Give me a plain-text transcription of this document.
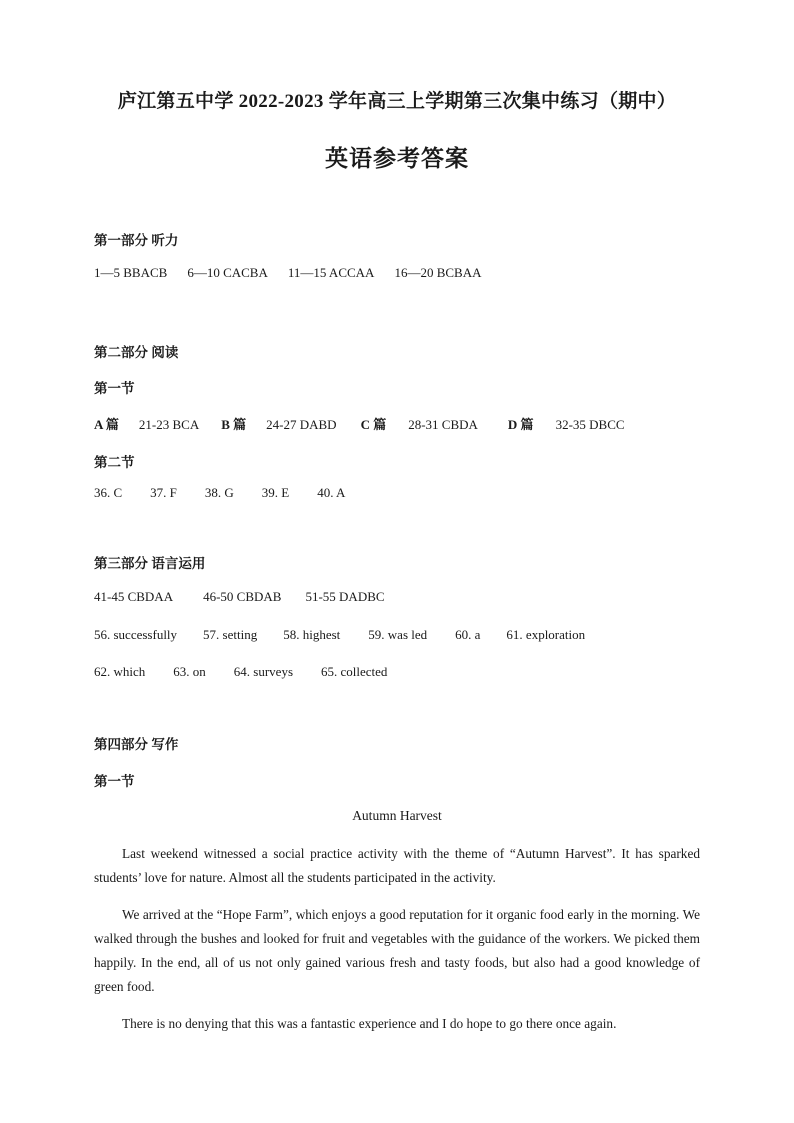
庐江第五中学 2022-2023 学年高三上学期第三次集中练习（期中）
英语参考答案
第一部分 听力
1—5 BBACB 6—10 CACBA 11—15 ACCAA 16—20 BCBAA
第二部分 阅读
第一节
A 篇 21-23 BCA B 篇 24-27 DABD C 篇 28-31 CBDA D 篇 32-35 DBCC
第二节
36. C 37. F 38. G 39. E 40. A
第三部分 语言运用
41-45 CBDAA 46-50 CBDAB 51-55 DADBC
56. successfully 57. setting 58. highest 59. was led 60. a 61. exploration
62. which 63. on 64. surveys 65. collected
第四部分 写作
第一节
Autumn Harvest

Last weekend witnessed a social practice activity with the theme of “Autumn Harvest”. It has sparked students’ love for nature. Almost all the students participated in the activity.

We arrived at the “Hope Farm”, which enjoys a good reputation for it organic food early in the morning. We walked through the bushes and looked for fruit and vegetables with the guidance of the workers. We picked them happily. In the end, all of us not only gained various fresh and tasty foods, but also had a good knowledge of green food.

There is no denying that this was a fantastic experience and I do hope to go there once again.
